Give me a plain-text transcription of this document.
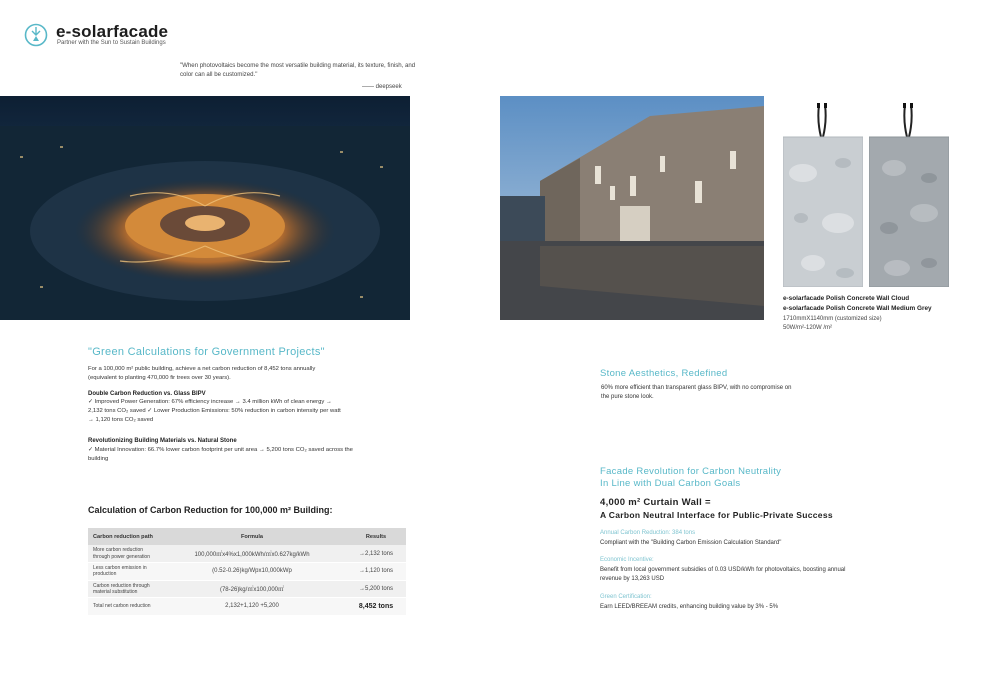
e-solarfacade
Partner with the Sun to Sustain Buildings
"When photovoltaics become the most versatile building material, its texture, finish, and color can all be customized."
—— deepseek
e-solarfacade Polish Concrete Wall Cloud
e-solarfacade Polish Concrete Wall Medium Grey
1710mmX1140mm (customized size)
50W/m²-120W /m²
"Green Calculations for Government Projects"
For a 100,000 m² public building, achieve a net carbon reduction of 8,452 tons annually (equivalent to planting 470,000 fir trees over 30 years).
Double Carbon Reduction vs. Glass BIPV
✓ Improved Power Generation: 67% efficiency increase → 3.4 million kWh of clean energy → 2,132 tons CO₂ saved ✓ Lower Production Emissions: 50% reduction in carbon intensity per watt → 1,120 tons CO₂ saved
Revolutionizing Building Materials vs. Natural Stone
✓ Material Innovation: 66.7% lower carbon footprint per unit area → 5,200 tons CO₂ saved across the building
Calculation of Carbon Reduction for 100,000 m² Building:
Carbon reduction path	Formula	Results
More carbon reduction through power generation	100,000㎡x4%x1,000kWh/㎡x0.627kg/kWh	→2,132 tons
Less carbon emission in production	(0.52-0.26)kg/Wpx10,000kWp	→1,120 tons
Carbon reduction through material substitution	(78-26)kg/㎡x100,000㎡	→5,200 tons
Total net carbon reduction	2,132+1,120 +5,200	8,452 tons
Stone Aesthetics, Redefined
60% more efficient than transparent glass BIPV, with no compromise on the pure stone look.
Facade Revolution for Carbon Neutrality
In Line with Dual Carbon Goals
4,000 m² Curtain Wall =
A Carbon Neutral Interface for Public-Private Success
Annual Carbon Reduction: 384 tons
Compliant with the "Building Carbon Emission Calculation Standard"
Economic Incentive:
Benefit from local government subsidies of 0.03 USD/kWh for photovoltaics, boosting annual revenue by 13,263 USD
Green Certification:
Earn LEED/BREEAM credits, enhancing building value by 3% - 5%
